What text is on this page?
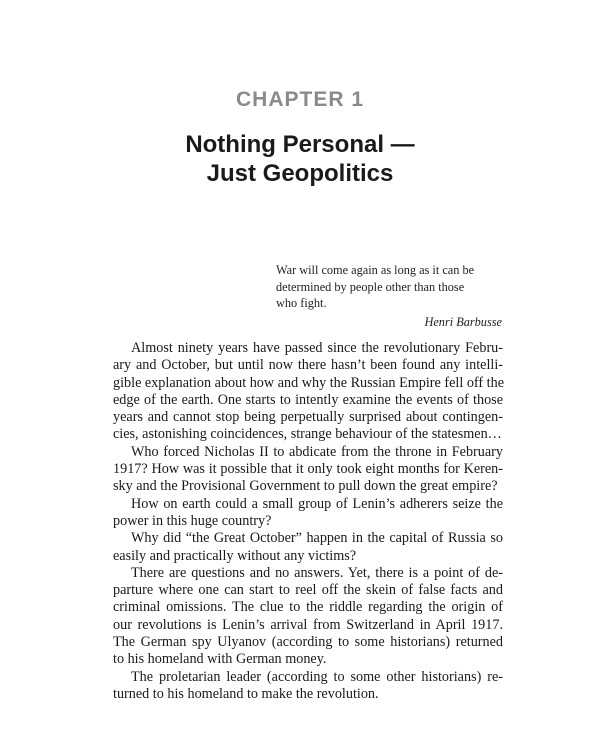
CHAPTER 1
Nothing Personal —
Just Geopolitics
War will come again as long as it can be
determined by people other than those
who fight.
Henri Barbusse
Almost ninety years have passed since the revolutionary Febru-
ary and October, but until now there hasn’t been found any intelli-
gible explanation about how and why the Russian Empire fell off the
edge of the earth. One starts to intently examine the events of those
years and cannot stop being perpetually surprised about contingen-
cies, astonishing coincidences, strange behaviour of the statesmen…
Who forced Nicholas II to abdicate from the throne in February
1917? How was it possible that it only took eight months for Keren-
sky and the Provisional Government to pull down the great empire?
How on earth could a small group of Lenin’s adherers seize the
power in this huge country?
Why did “the Great October” happen in the capital of Russia so
easily and practically without any victims?
There are questions and no answers. Yet, there is a point of de-
parture where one can start to reel off the skein of false facts and
criminal omissions. The clue to the riddle regarding the origin of
our revolutions is Lenin’s arrival from Switzerland in April 1917.
The German spy Ulyanov (according to some historians) returned
to his homeland with German money.
The proletarian leader (according to some other historians) re-
turned to his homeland to make the revolution.
